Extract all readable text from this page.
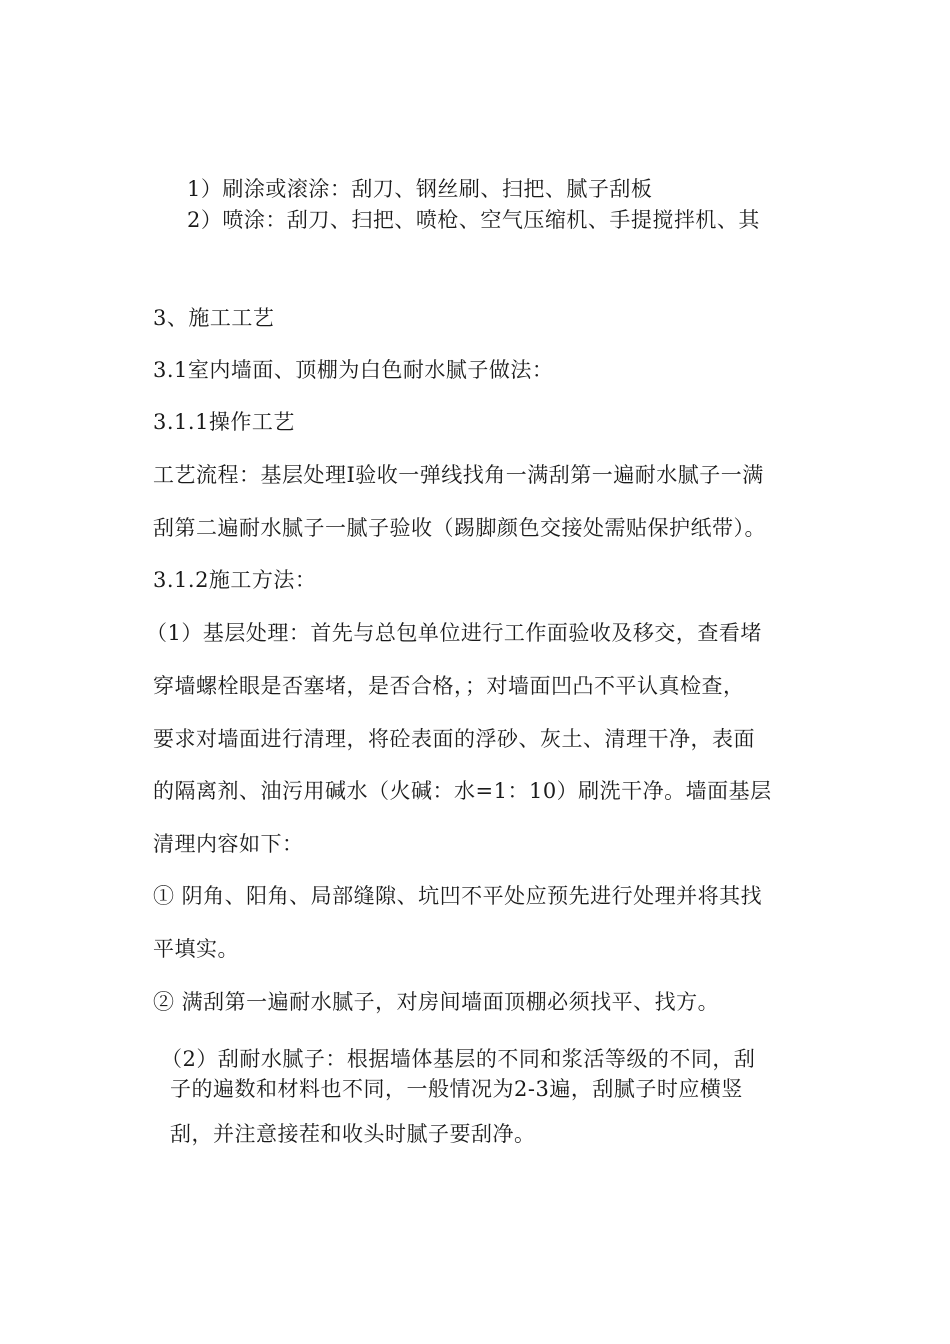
1）刷涂或滚涂：刮刀、钢丝刷、扫把、腻子刮板
2）喷涂：刮刀、扫把、喷枪、空气压缩机、手提搅拌机、其
3、施工工艺
3.1室内墙面、顶棚为白色耐水腻子做法：
3.1.1操作工艺
工艺流程：基层处理I验收一弹线找角一满刮第一遍耐水腻子一满
刮第二遍耐水腻子一腻子验收（踢脚颜色交接处需贴保护纸带）。
3.1.2施工方法：
（1）基层处理：首先与总包单位进行工作面验收及移交，查看堵
穿墙螺栓眼是否塞堵，是否合格，；对墙面凹凸不平认真检查，
要求对墙面进行清理，将砼表面的浮砂、灰土、清理干净，表面
的隔离剂、油污用碱水（火碱：水=1：10）刷洗干净。墙面基层
清理内容如下：
① 阴角、阳角、局部缝隙、坑凹不平处应预先进行处理并将其找
平填实。
② 满刮第一遍耐水腻子，对房间墙面顶棚必须找平、找方。
（2）刮耐水腻子：根据墙体基层的不同和浆活等级的不同，刮
子的遍数和材料也不同，一般情况为2-3遍，刮腻子时应横竖
刮，并注意接茬和收头时腻子要刮净。
